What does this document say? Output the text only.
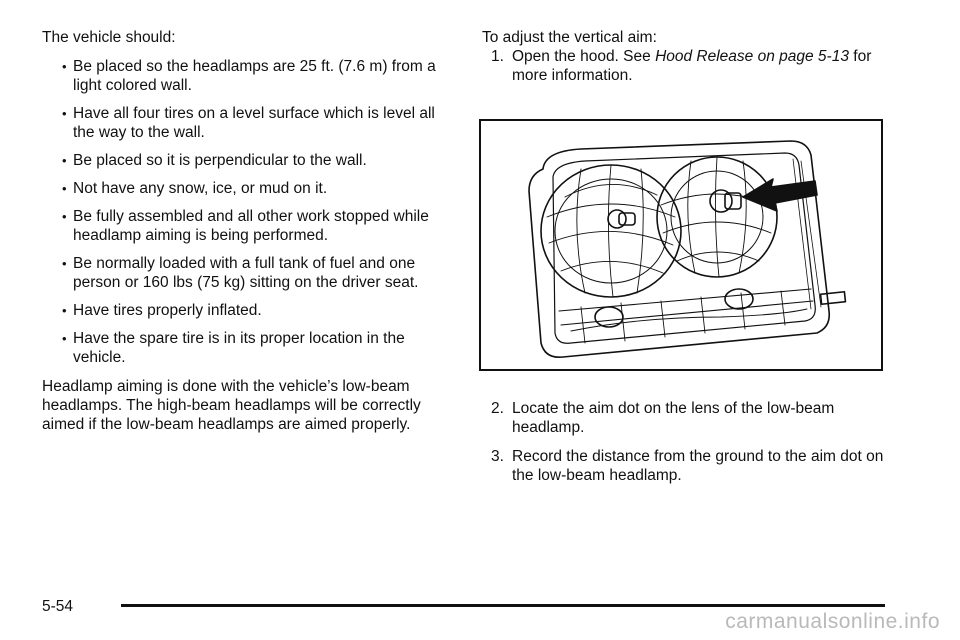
The vehicle should:

• Be placed so the headlamps are 25 ft. (7.6 m) from a light colored wall.
• Have all four tires on a level surface which is level all the way to the wall.
• Be placed so it is perpendicular to the wall.
• Not have any snow, ice, or mud on it.
• Be fully assembled and all other work stopped while headlamp aiming is being performed.
• Be normally loaded with a full tank of fuel and one person or 160 lbs (75 kg) sitting on the driver seat.
• Have tires properly inflated.
• Have the spare tire is in its proper location in the vehicle.

Headlamp aiming is done with the vehicle’s low-beam headlamps. The high-beam headlamps will be correctly aimed if the low-beam headlamps are aimed properly.

To adjust the vertical aim:

1. Open the hood. See Hood Release on page 5-13 for more information.
2. Locate the aim dot on the lens of the low-beam headlamp.
3. Record the distance from the ground to the aim dot on the low-beam headlamp.
5-54
carmanualsonline.info
